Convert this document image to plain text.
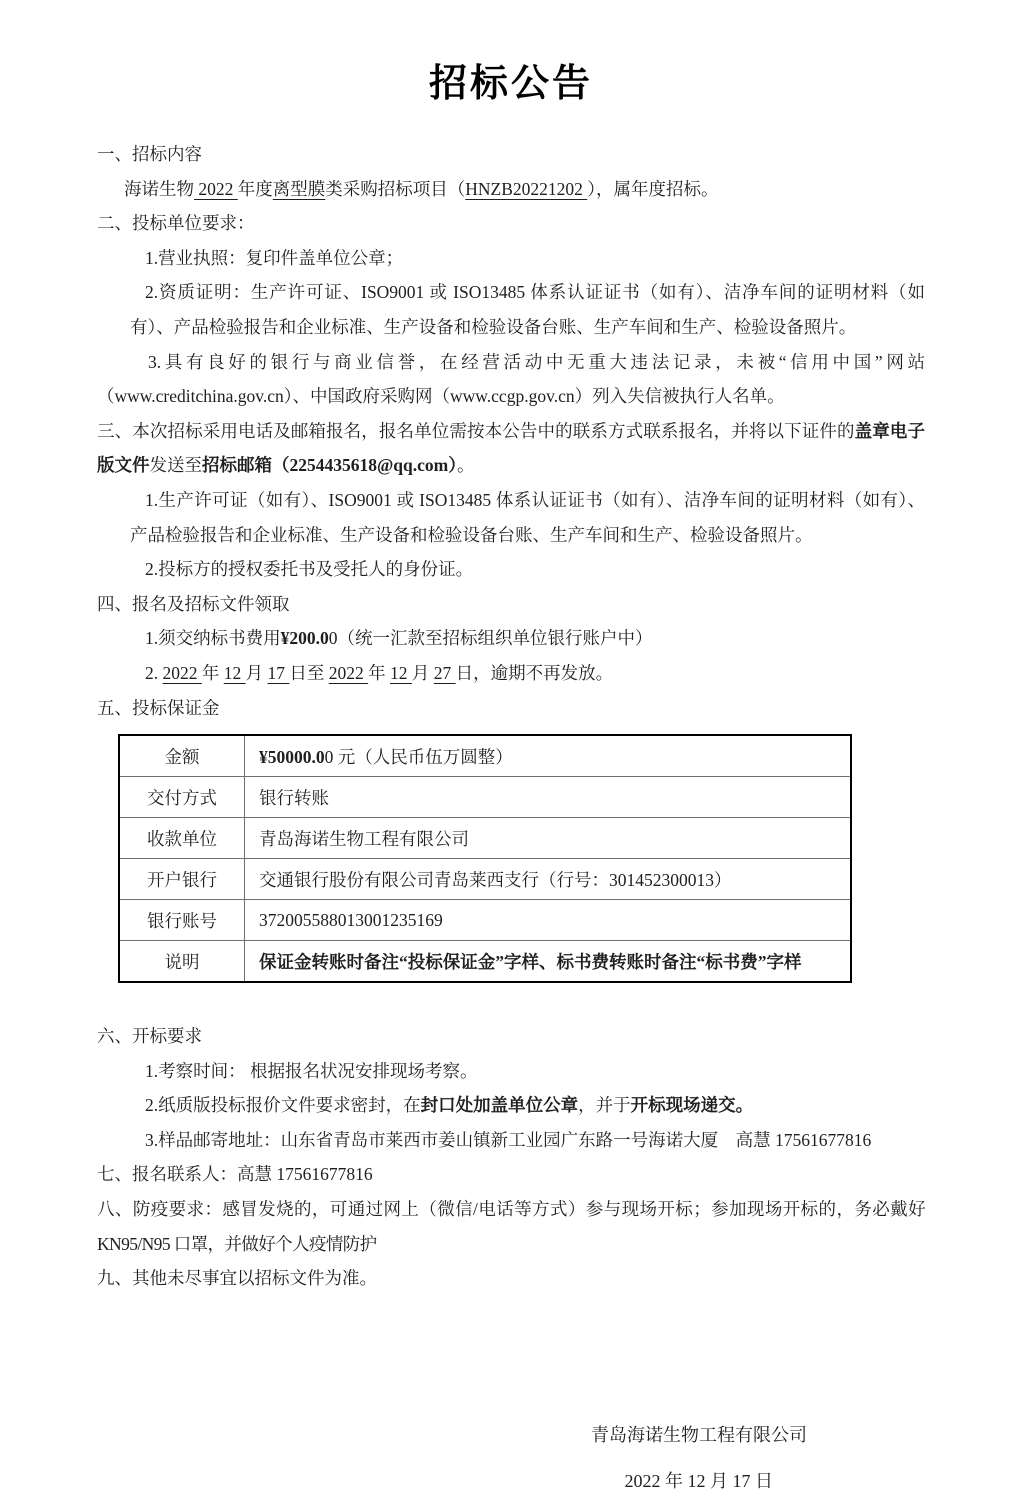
招标公告

一、招标内容

海诺生物 2022 年度离型膜类采购招标项目（HNZB20221202 ），属年度招标。

二、投标单位要求：

1.营业执照：复印件盖单位公章；

2.资质证明：生产许可证、ISO9001 或 ISO13485 体系认证证书（如有）、洁净车间的证明材料（如有）、产品检验报告和企业标准、生产设备和检验设备台账、生产车间和生产、检验设备照片。

3.具有良好的银行与商业信誉，在经营活动中无重大违法记录，未被“信用中国”网站（www.creditchina.gov.cn）、中国政府采购网（www.ccgp.gov.cn）列入失信被执行人名单。

三、本次招标采用电话及邮箱报名，报名单位需按本公告中的联系方式联系报名，并将以下证件的盖章电子版文件发送至招标邮箱（2254435618@qq.com）。

1.生产许可证（如有）、ISO9001 或 ISO13485 体系认证证书（如有）、洁净车间的证明材料（如有）、产品检验报告和企业标准、生产设备和检验设备台账、生产车间和生产、检验设备照片。

2.投标方的授权委托书及受托人的身份证。

四、报名及招标文件领取

1.须交纳标书费用¥200.00（统一汇款至招标组织单位银行账户中）

2. 2022 年 12 月 17 日至 2022 年 12 月 27 日，逾期不再发放。

五、投标保证金

金额	¥50000.00 元（人民币伍万圆整）
交付方式	银行转账
收款单位	青岛海诺生物工程有限公司
开户银行	交通银行股份有限公司青岛莱西支行（行号：301452300013）
银行账号	372005588013001235169
说明	保证金转账时备注“投标保证金”字样、标书费转账时备注“标书费”字样

六、开标要求

1.考察时间： 根据报名状况安排现场考察。

2.纸质版投标报价文件要求密封，在封口处加盖单位公章，并于开标现场递交。

3.样品邮寄地址：山东省青岛市莱西市姜山镇新工业园广东路一号海诺大厦　高慧 17561677816

七、报名联系人：高慧 17561677816

八、防疫要求：感冒发烧的，可通过网上（微信/电话等方式）参与现场开标；参加现场开标的，务必戴好 KN95/N95 口罩，并做好个人疫情防护

九、其他未尽事宜以招标文件为准。

青岛海诺生物工程有限公司
2022 年 12 月 17 日
